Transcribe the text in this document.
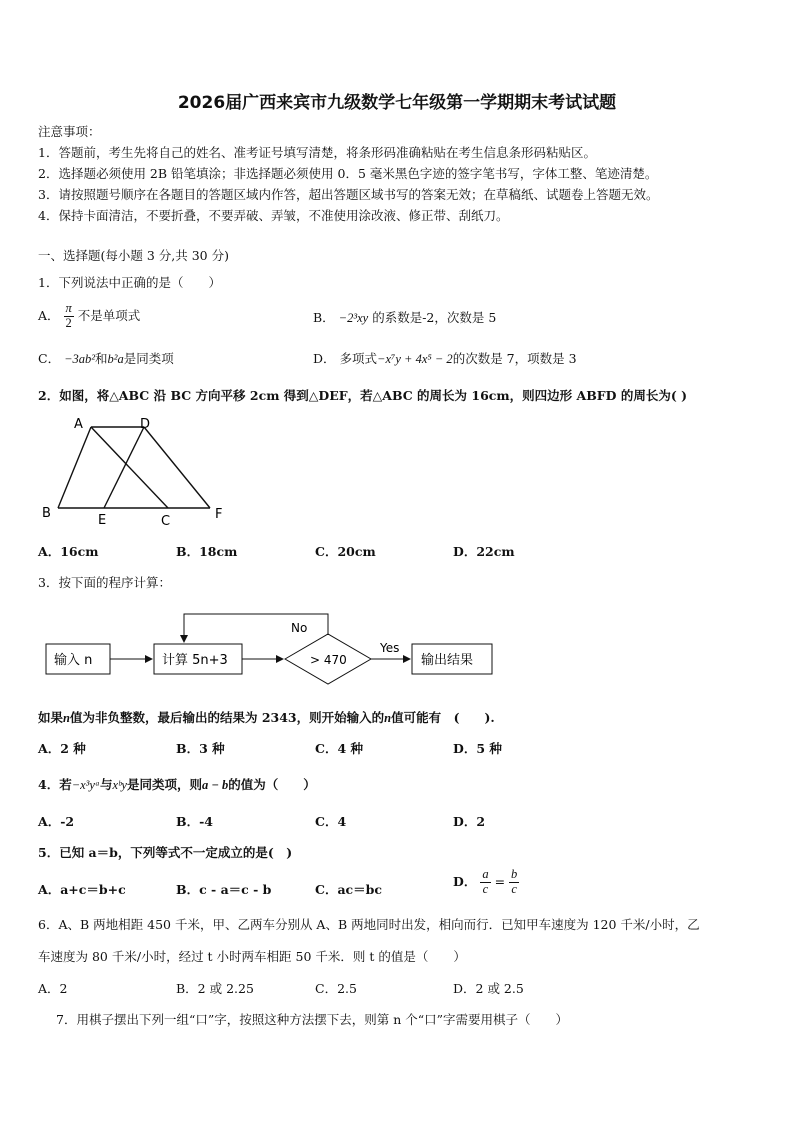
2026届广西来宾市九级数学七年级第一学期期末考试试题
注意事项：
1．答题前，考生先将自己的姓名、准考证号填写清楚，将条形码准确粘贴在考生信息条形码粘贴区。
2．选择题必须使用 2B 铅笔填涂；非选择题必须使用 0．5 毫米黑色字迹的签字笔书写，字体工整、笔迹清楚。
3．请按照题号顺序在各题目的答题区域内作答，超出答题区域书写的答案无效；在草稿纸、试题卷上答题无效。
4．保持卡面清洁，不要折叠，不要弄破、弄皱，不准使用涂改液、修正带、刮纸刀。
一、选择题(每小题 3 分,共 30 分)
1．下列说法中正确的是（　　）
A． $\frac{\pi}{2}$ 不是单项式	B． −2³xy 的系数是-2，次数是 5
C． −3ab²和b²a是同类项	D． 多项式−x⁷y + 4x⁵ − 2的次数是 7，项数是 3
2．如图，将△ABC 沿 BC 方向平移 2cm 得到△DEF，若△ABC 的周长为 16cm，则四边形 ABFD 的周长为( )
A	D
B	E	C	F
A．16cm	B．18cm	C．20cm	D．22cm
3．按下面的程序计算：
输入 n	计算 5n+3	> 470
No
Yes
输出结果
如果n值为非负整数，最后输出的结果为 2343，则开始输入的n值可能有　(　　).
A．2 种	B．3 种	C．4 种	D．5 种
4．若−x³yᵃ与xᵇy是同类项，则a − b的值为（　　）
A．-2	B．-4	C．4	D．2
5．已知 a＝b，下列等式不一定成立的是(　)
A．a+c＝b+c	B．c - a＝c - b	C．ac＝bc
D． $\frac{a}{c} = \frac{b}{c}$
6．A、B 两地相距 450 千米，甲、乙两车分别从 A、B 两地同时出发，相向而行．已知甲车速度为 120 千米/小时，乙
车速度为 80 千米/小时，经过 t 小时两车相距 50 千米．则 t 的值是（　　）
A．2	B．2 或 2.25	C．2.5	D．2 或 2.5
7．用棋子摆出下列一组“口”字，按照这种方法摆下去，则第 n 个“口”字需要用棋子（　　）
